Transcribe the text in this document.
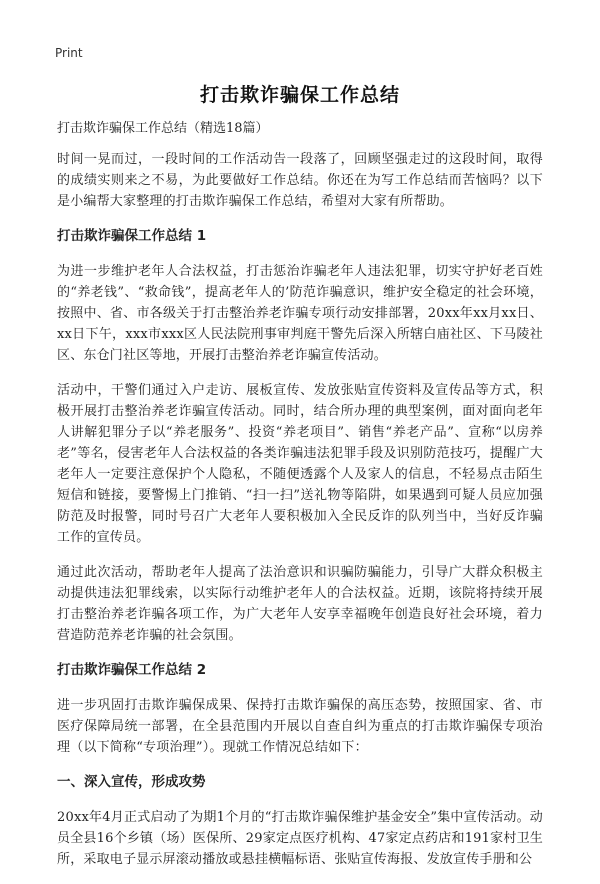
Print
打击欺诈骗保工作总结

打击欺诈骗保工作总结（精选18篇）

时间一晃而过，一段时间的工作活动告一段落了，回顾坚强走过的这段时间，取得的成绩实则来之不易，为此要做好工作总结。你还在为写工作总结而苦恼吗？以下是小编帮大家整理的打击欺诈骗保工作总结，希望对大家有所帮助。

打击欺诈骗保工作总结 1

为进一步维护老年人合法权益，打击惩治诈骗老年人违法犯罪，切实守护好老百姓的“养老钱”、“救命钱”，提高老年人的’防范诈骗意识，维护安全稳定的社会环境，按照中、省、市各级关于打击整治养老诈骗专项行动安排部署，20xx年xx月xx日、xx日下午，xxx市xxx区人民法院刑事审判庭干警先后深入所辖白庙社区、下马陵社区、东仓门社区等地，开展打击整治养老诈骗宣传活动。

活动中，干警们通过入户走访、展板宣传、发放张贴宣传资料及宣传品等方式，积极开展打击整治养老诈骗宣传活动。同时，结合所办理的典型案例，面对面向老年人讲解犯罪分子以“养老服务”、投资“养老项目”、销售“养老产品”、宣称“以房养老”等名，侵害老年人合法权益的各类诈骗违法犯罪手段及识别防范技巧，提醒广大老年人一定要注意保护个人隐私，不随便透露个人及家人的信息，不轻易点击陌生短信和链接，要警惕上门推销、“扫一扫”送礼物等陷阱，如果遇到可疑人员应加强防范及时报警，同时号召广大老年人要积极加入全民反诈的队列当中，当好反诈骗工作的宣传员。

通过此次活动，帮助老年人提高了法治意识和识骗防骗能力，引导广大群众积极主动提供违法犯罪线索，以实际行动维护老年人的合法权益。近期，该院将持续开展打击整治养老诈骗各项工作，为广大老年人安享幸福晚年创造良好社会环境，着力营造防范养老诈骗的社会氛围。

打击欺诈骗保工作总结 2

进一步巩固打击欺诈骗保成果、保持打击欺诈骗保的高压态势，按照国家、省、市医疗保障局统一部署，在全县范围内开展以自查自纠为重点的打击欺诈骗保专项治理（以下简称“专项治理”）。现就工作情况总结如下：

一、深入宣传，形成攻势

20xx年4月正式启动了为期1个月的“打击欺诈骗保维护基金安全”集中宣传活动。动员全县16个乡镇（场）医保所、29家定点医疗机构、47家定点药店和191家村卫生所，采取电子显示屏滚动播放或悬挂横幅标语、张贴宣传海报、发放宣传手册和公
